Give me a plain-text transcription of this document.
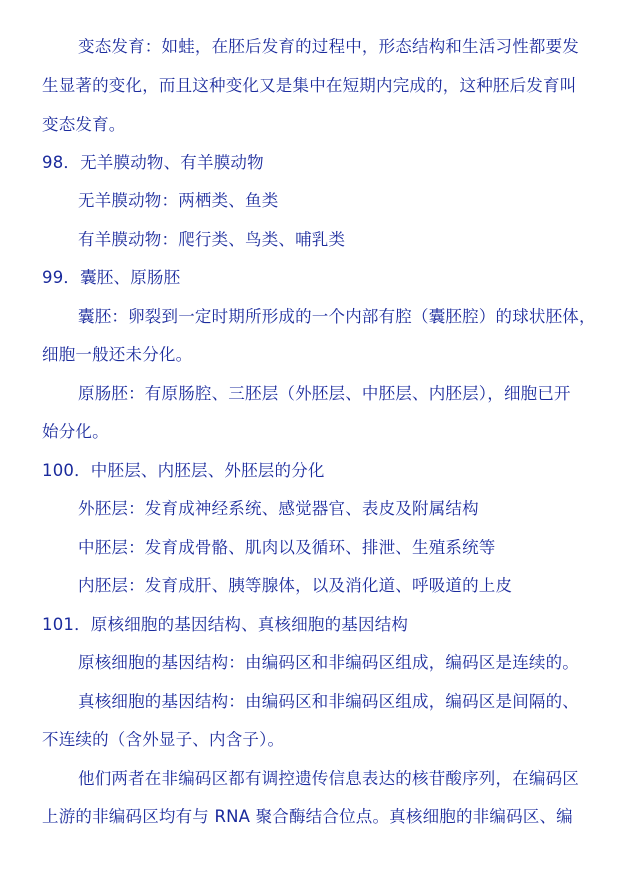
变态发育：如蛙，在胚后发育的过程中，形态结构和生活习性都要发
生显著的变化，而且这种变化又是集中在短期内完成的，这种胚后发育叫
变态发育。
98．无羊膜动物、有羊膜动物
无羊膜动物：两栖类、鱼类
有羊膜动物：爬行类、鸟类、哺乳类
99．囊胚、原肠胚
囊胚：卵裂到一定时期所形成的一个内部有腔（囊胚腔）的球状胚体，
细胞一般还未分化。
原肠胚：有原肠腔、三胚层（外胚层、中胚层、内胚层），细胞已开
始分化。
100．中胚层、内胚层、外胚层的分化
外胚层：发育成神经系统、感觉器官、表皮及附属结构
中胚层：发育成骨骼、肌肉以及循环、排泄、生殖系统等
内胚层：发育成肝、胰等腺体，以及消化道、呼吸道的上皮
101．原核细胞的基因结构、真核细胞的基因结构
原核细胞的基因结构：由编码区和非编码区组成，编码区是连续的。
真核细胞的基因结构：由编码区和非编码区组成，编码区是间隔的、
不连续的（含外显子、内含子）。
他们两者在非编码区都有调控遗传信息表达的核苷酸序列，在编码区
上游的非编码区均有与 RNA 聚合酶结合位点。真核细胞的非编码区、编
